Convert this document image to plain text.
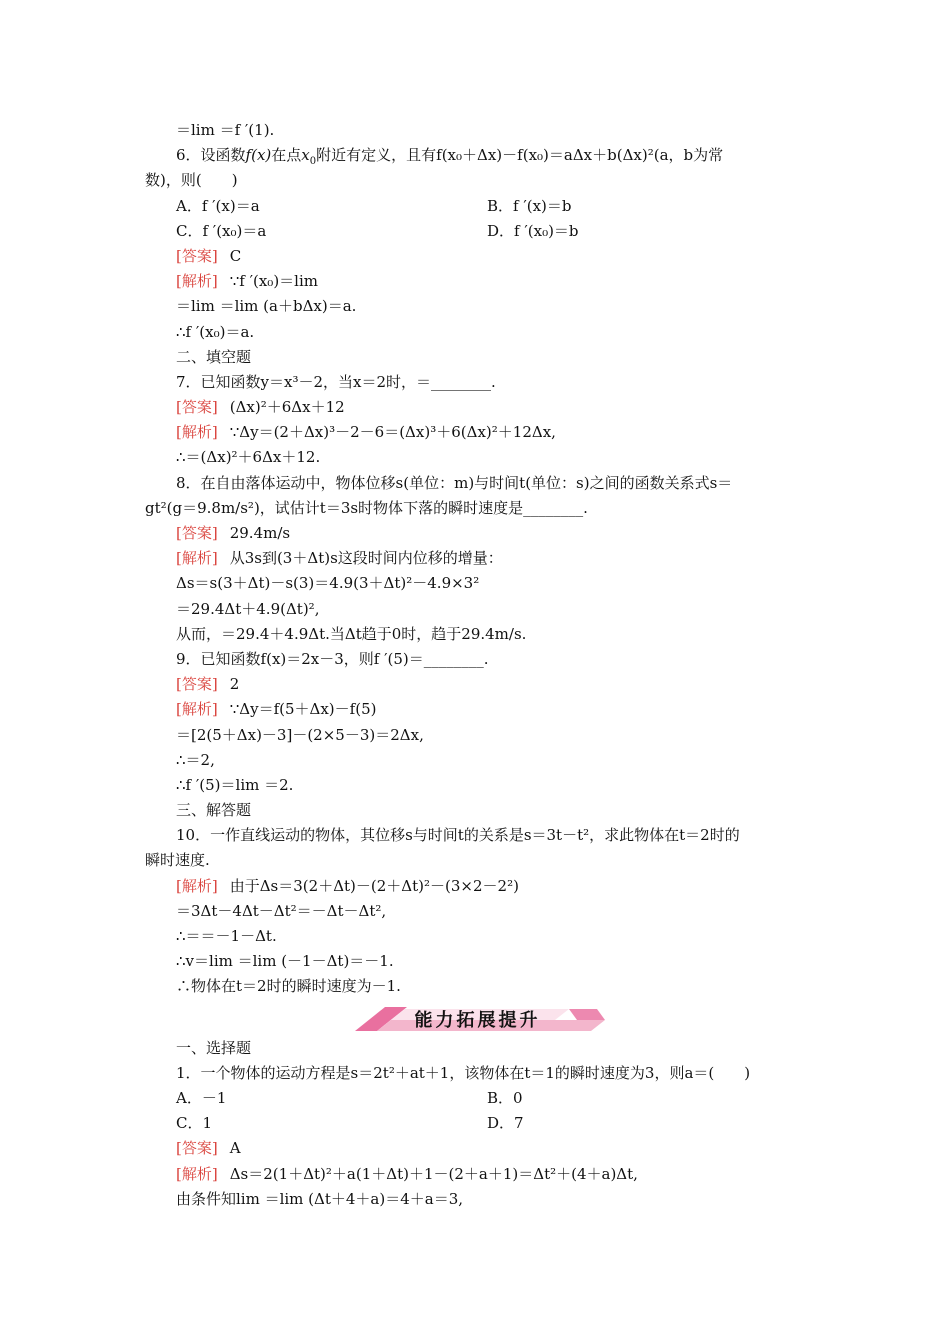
＝lim ＝f ′(1).
6．设函数f(x)在点$x_0$附近有定义，且有f(x₀＋Δx)－f(x₀)＝aΔx＋b(Δx)²(a，b为常
数)，则(　　)
A．f ′(x)＝a	B．f ′(x)＝b
C．f ′(x₀)＝a	D．f ′(x₀)＝b
[答案] C
[解析] ∵f ′(x₀)＝lim
＝lim ＝lim (a＋bΔx)＝a.
∴f ′(x₀)＝a.
二、填空题
7．已知函数y＝x³－2，当x＝2时，＝________.
[答案] (Δx)²＋6Δx＋12
[解析] ∵Δy＝(2＋Δx)³－2－6＝(Δx)³＋6(Δx)²＋12Δx,
∴＝(Δx)²＋6Δx＋12.
8．在自由落体运动中，物体位移s(单位：m)与时间t(单位：s)之间的函数关系式s＝
gt²(g＝9.8m/s²)，试估计t＝3s时物体下落的瞬时速度是________.
[答案] 29.4m/s
[解析] 从3s到(3＋Δt)s这段时间内位移的增量：
Δs＝s(3＋Δt)－s(3)＝4.9(3＋Δt)²－4.9×3²
＝29.4Δt＋4.9(Δt)²,
从而，＝29.4＋4.9Δt.当Δt趋于0时，趋于29.4m/s.
9．已知函数f(x)＝2x－3，则f ′(5)＝________.
[答案] 2
[解析] ∵Δy＝f(5＋Δx)－f(5)
＝[2(5＋Δx)－3]－(2×5－3)＝2Δx,
∴＝2,
∴f ′(5)＝lim ＝2.
三、解答题
10．一作直线运动的物体，其位移s与时间t的关系是s＝3t－t²，求此物体在t＝2时的
瞬时速度.
[解析] 由于Δs＝3(2＋Δt)－(2＋Δt)²－(3×2－2²)
＝3Δt－4Δt－Δt²＝－Δt－Δt²,
∴＝＝－1－Δt.
∴v＝lim ＝lim (－1－Δt)＝－1.
∴物体在t＝2时的瞬时速度为－1.
能力拓展提升
一、选择题
1．一个物体的运动方程是s＝2t²＋at＋1，该物体在t＝1的瞬时速度为3，则a＝(　　)
A．－1	B．0
C．1	D．7
[答案] A
[解析] Δs＝2(1＋Δt)²＋a(1＋Δt)＋1－(2＋a＋1)＝Δt²＋(4＋a)Δt,
由条件知lim ＝lim (Δt＋4＋a)＝4＋a＝3,
